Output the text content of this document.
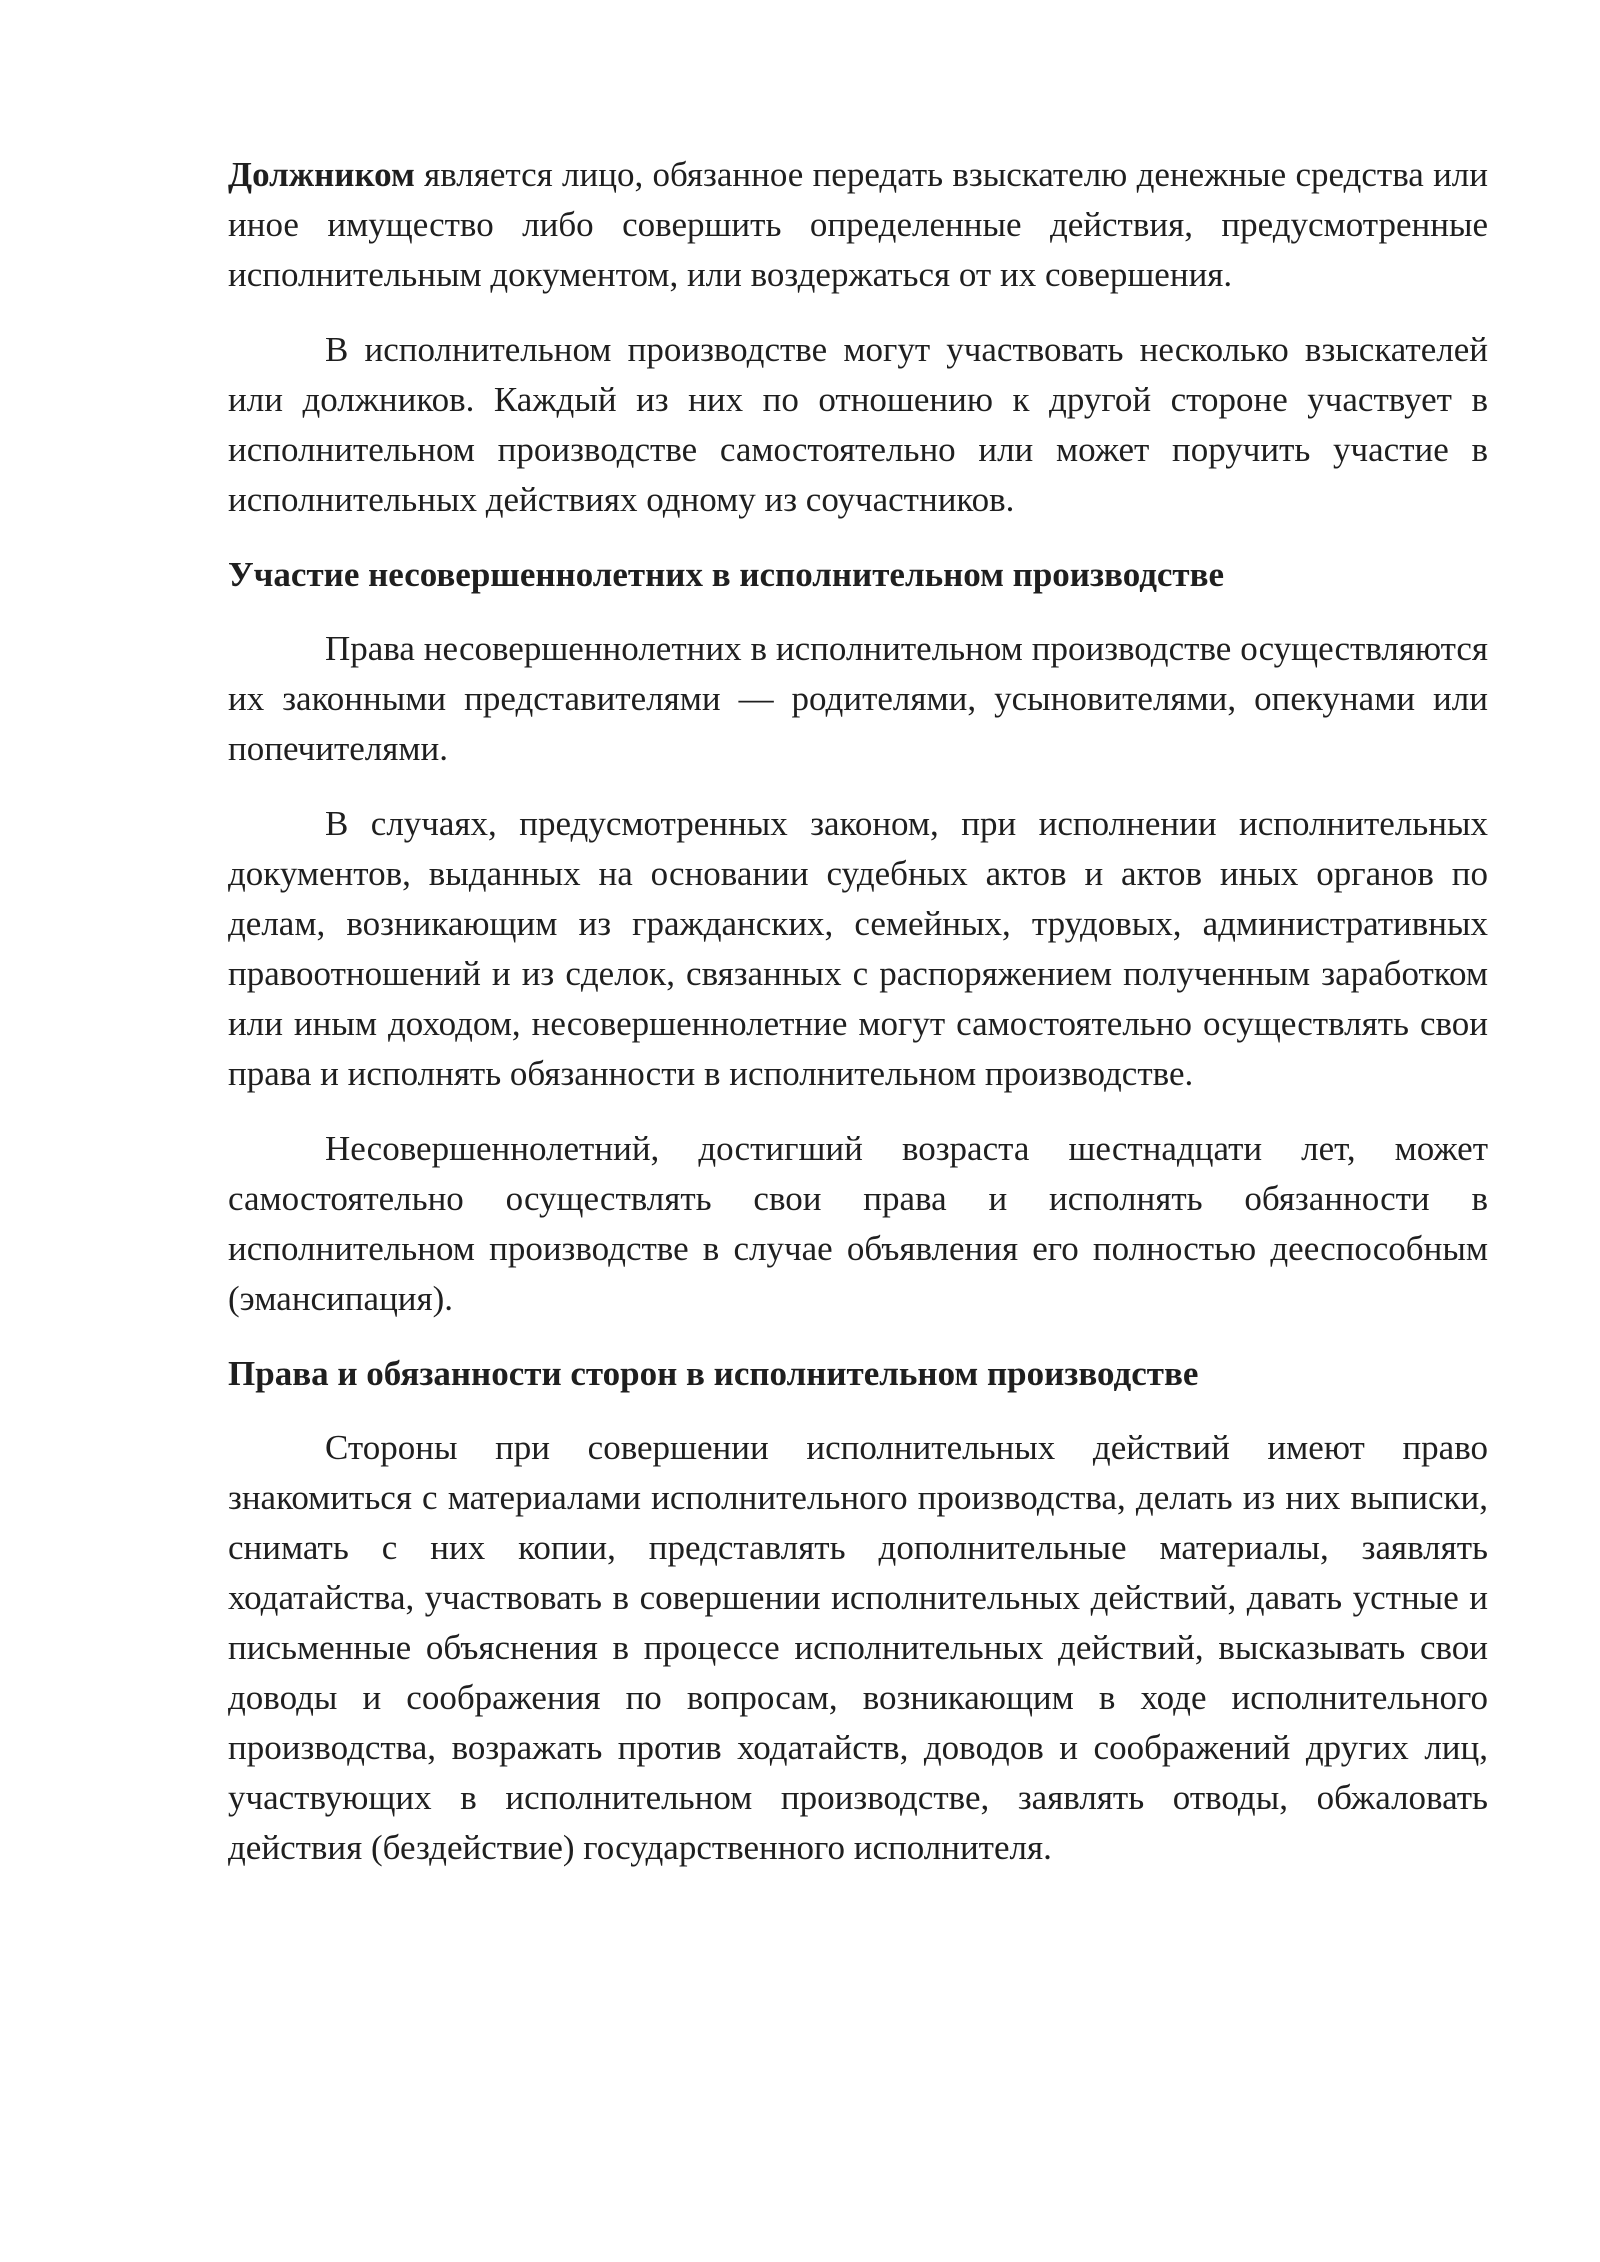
Должником является лицо, обязанное передать взыскателю денежные средства или иное имущество либо совершить определенные действия, предусмотренные исполнительным документом, или воздержаться от их совершения.

В исполнительном производстве могут участвовать несколько взыскателей или должников. Каждый из них по отношению к другой стороне участвует в исполнительном производстве самостоятельно или может поручить участие в исполнительных действиях одному из соучастников.

Участие несовершеннолетних в исполнительном производстве

Права несовершеннолетних в исполнительном производстве осуществляются их законными представителями — родителями, усыновителями, опекунами или попечителями.

В случаях, предусмотренных законом, при исполнении исполнительных документов, выданных на основании судебных актов и актов иных органов по делам, возникающим из гражданских, семейных, трудовых, административных правоотношений и из сделок, связанных с распоряжением полученным заработком или иным доходом, несовершеннолетние могут самостоятельно осуществлять свои права и исполнять обязанности в исполнительном производстве.

Несовершеннолетний, достигший возраста шестнадцати лет, может самостоятельно осуществлять свои права и исполнять обязанности в исполнительном производстве в случае объявления его полностью дееспособным (эмансипация).

Права и обязанности сторон в исполнительном производстве

Стороны при совершении исполнительных действий имеют право знакомиться с материалами исполнительного производства, делать из них выписки, снимать с них копии, представлять дополнительные материалы, заявлять ходатайства, участвовать в совершении исполнительных действий, давать устные и письменные объяснения в процессе исполнительных действий, высказывать свои доводы и соображения по вопросам, возникающим в ходе исполнительного производства, возражать против ходатайств, доводов и соображений других лиц, участвующих в исполнительном производстве, заявлять отводы, обжаловать действия (бездействие) государственного исполнителя.
